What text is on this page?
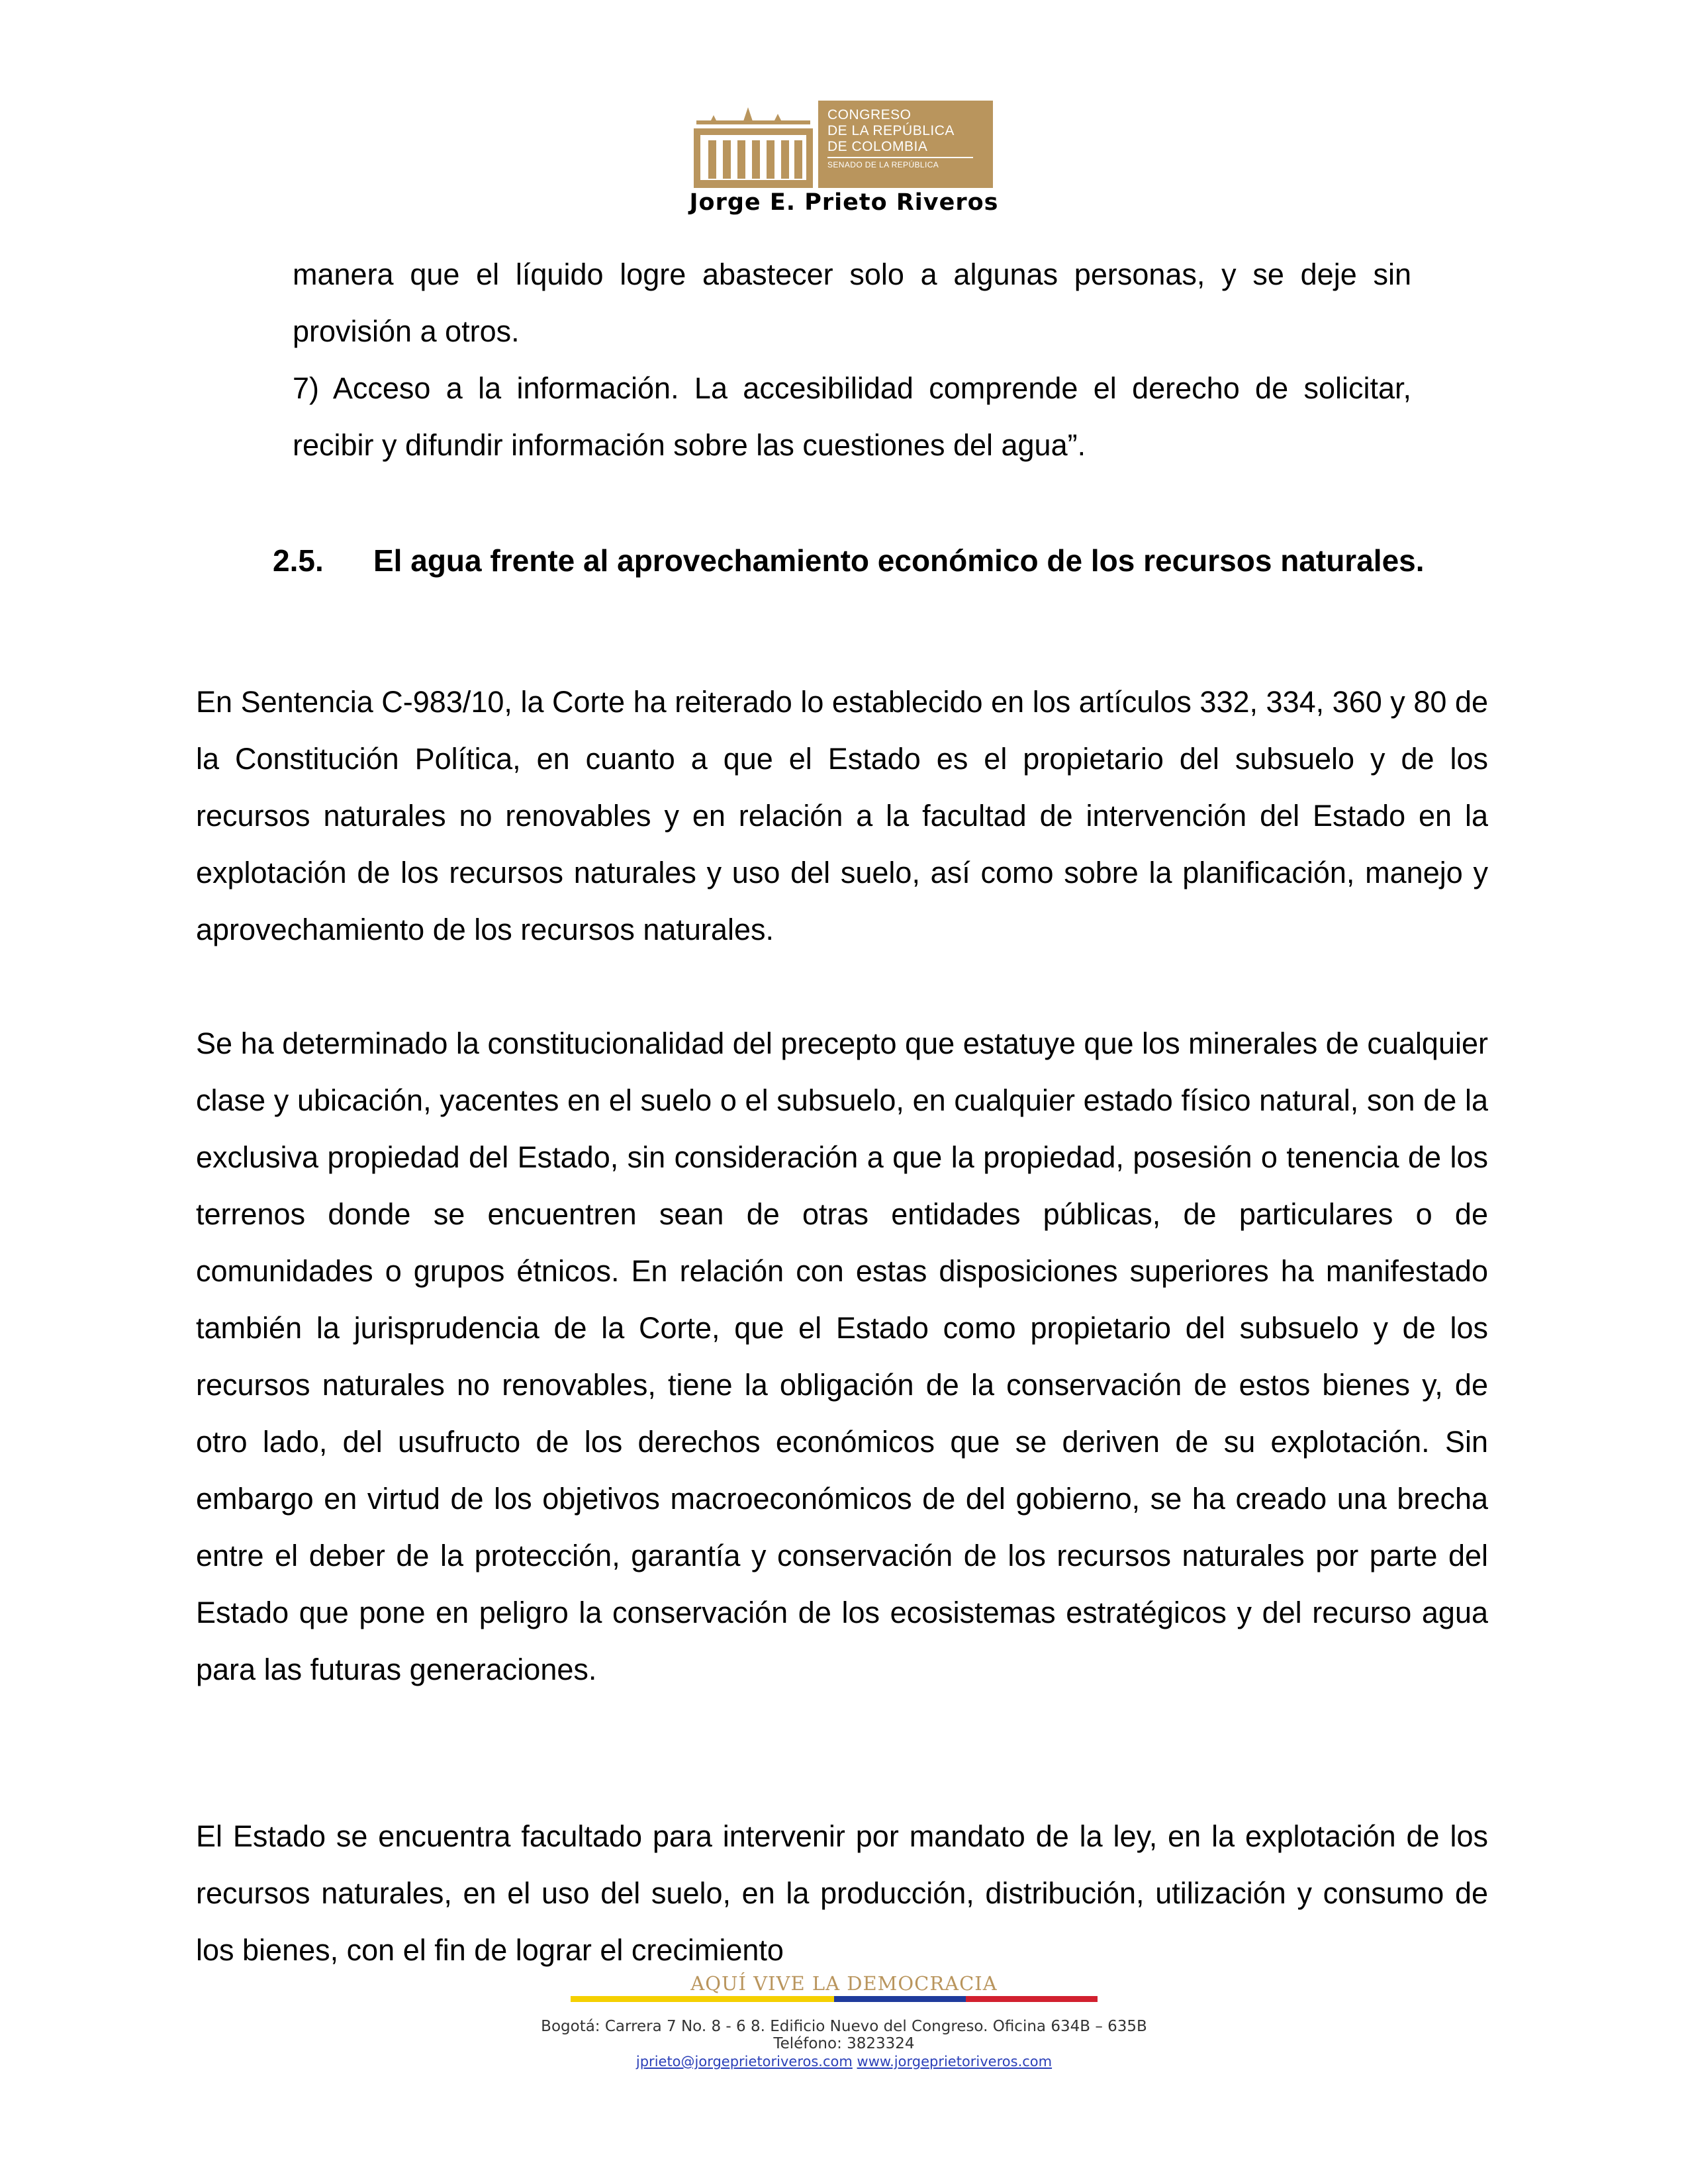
CONGRESO
DE LA REPÚBLICA
DE COLOMBIA
SENADO DE LA REPÚBLICA
Jorge E. Prieto Riveros
manera que el líquido logre abastecer solo a algunas personas, y se deje sin provisión a otros.
7) Acceso a la información. La accesibilidad comprende el derecho de solicitar, recibir y difundir información sobre las cuestiones del agua”.
2.5. El agua frente al aprovechamiento económico de los recursos naturales.
En Sentencia C-983/10, la Corte ha reiterado lo establecido en los artículos 332, 334, 360 y 80 de la Constitución Política, en cuanto a que el Estado es el propietario del subsuelo y de los recursos naturales no renovables y en relación a la facultad de intervención del Estado en la explotación de los recursos naturales y uso del suelo, así como sobre la planificación, manejo y aprovechamiento de los recursos naturales.
Se ha determinado la constitucionalidad del precepto que estatuye que los minerales de cualquier clase y ubicación, yacentes en el suelo o el subsuelo, en cualquier estado físico natural, son de la exclusiva propiedad del Estado, sin consideración a que la propiedad, posesión o tenencia de los terrenos donde se encuentren sean de otras entidades públicas, de particulares o de comunidades o grupos étnicos. En relación con estas disposiciones superiores ha manifestado también la jurisprudencia de la Corte, que el Estado como propietario del subsuelo y de los recursos naturales no renovables, tiene la obligación de la conservación de estos bienes y, de otro lado, del usufructo de los derechos económicos que se deriven de su explotación. Sin embargo en virtud de los objetivos macroeconómicos de del gobierno, se ha creado una brecha entre el deber de la protección, garantía y conservación de los recursos naturales por parte del Estado que pone en peligro la conservación de los ecosistemas estratégicos y del recurso agua para las futuras generaciones.
El Estado se encuentra facultado para intervenir por mandato de la ley, en la explotación de los recursos naturales, en el uso del suelo, en la producción, distribución, utilización y consumo de los bienes, con el fin de lograr el crecimiento
AQUÍ VIVE LA DEMOCRACIA
Bogotá: Carrera 7 No. 8 - 6 8. Edificio Nuevo del Congreso. Oficina 634B – 635B
Teléfono: 3823324
jprieto@jorgeprietoriveros.com www.jorgeprietoriveros.com
